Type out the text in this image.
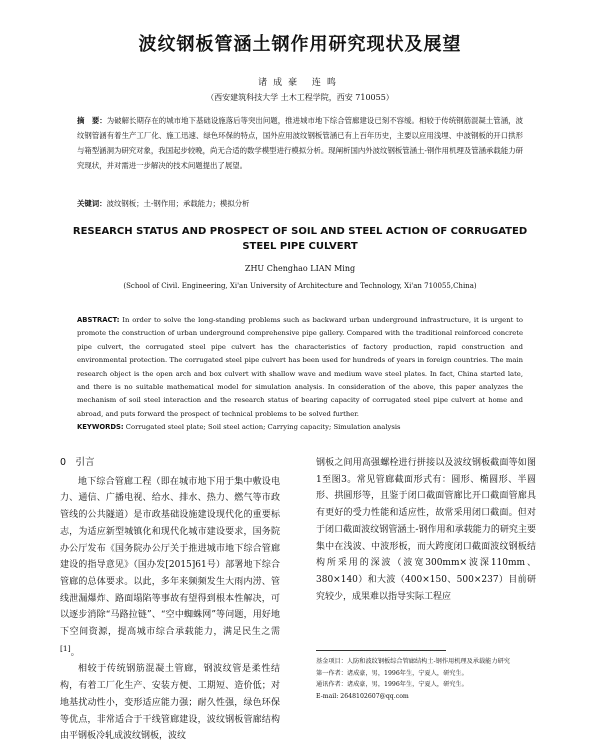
波纹钢板管涵土钢作用研究现状及展望
诸成豪 连鸣
（西安建筑科技大学 土木工程学院，西安 710055）
摘　要：为破解长期存在的城市地下基础设施落后等突出问题，推进城市地下综合管廊建设已刻不容缓。相较于传统钢筋混凝土管涵，波纹钢管涵有着生产工厂化、施工迅速、绿色环保的特点，国外应用波纹钢板管涵已有上百年历史，主要以应用浅埋、中波钢板的开口拱形与箱型涵洞为研究对象，我国起步较晚，尚无合适的数学模型进行模拟分析。现阐析国内外波纹钢板管涵土-钢作用机理及管涵承载能力研究现状，并对需进一步解决的技术问题提出了展望。
关键词：波纹钢板；土-钢作用；承载能力；模拟分析
RESEARCH STATUS AND PROSPECT OF SOIL AND STEEL ACTION OF CORRUGATED STEEL PIPE CULVERT
ZHU Chenghao LIAN Ming
(School of Civil. Engineering, Xi'an University of Architecture and Technology, Xi'an 710055,China)
ABSTRACT: In order to solve the long-standing problems such as backward urban underground infrastructure, it is urgent to promote the construction of urban underground comprehensive pipe gallery. Compared with the traditional reinforced concrete pipe culvert, the corrugated steel pipe culvert has the characteristics of factory production, rapid construction and environmental protection. The corrugated steel pipe culvert has been used for hundreds of years in foreign countries. The main research object is the open arch and box culvert with shallow wave and medium wave steel plates. In fact, China started late, and there is no suitable mathematical model for simulation analysis. In consideration of the above, this paper analyzes the mechanism of soil steel interaction and the research status of bearing capacity of corrugated steel pipe culvert at home and abroad, and puts forward the prospect of technical problems to be solved further.
KEYWORDS: Corrugated steel plate; Soil steel action; Carrying capacity; Simulation analysis
0　引言
地下综合管廊工程（即在城市地下用于集中敷设电力、通信、广播电视、给水、排水、热力、燃气等市政管线的公共隧道）是市政基础设施建设现代化的重要标志，为适应新型城镇化和现代化城市建设要求，国务院办公厅发布《国务院办公厅关于推进城市地下综合管廊建设的指导意见》（国办发[2015]61号）部署地下综合管廊的总体要求。以此，多年来频频发生大雨内涝、管线泄漏爆炸、路面塌陷等事故有望得到根本性解决，可以逐步消除“马路拉链”、“空中蜘蛛网”等问题，用好地下空间资源，提高城市综合承载能力，满足民生之需[1]。
相较于传统钢筋混凝土管廊，钢波纹管是柔性结构，有着工厂化生产、安装方便、工期短、造价低；对地基扰动性小，变形适应能力强；耐久性强，绿色环保等优点，非常适合于干线管廊建设，波纹钢板管廊结构由平钢板冷轧成波纹钢板，波纹
钢板之间用高强螺栓进行拼接以及波纹钢板截面等如图1至图3。常见管廊截面形式有：圆形、椭圆形、半圆形、拱圆形等，且鉴于闭口截面管廊比开口截面管廊具有更好的受力性能和适应性，故常采用闭口截面。但对于闭口截面波纹钢管涵土-钢作用和承载能力的研究主要集中在浅波、中波形板，而大跨度闭口截面波纹钢板结构所采用的深波（波宽300mm×波深110mm、380×140）和大波（400×150、500×237）目前研究较少，成果难以指导实际工程应
基金项目：人防和波纹钢板综合管廊结构土-钢作用机理及承载能力研究
第一作者：诸成豪，男，1996年生，宁夏人，研究生。
通讯作者：诸成豪，男，1996年生，宁夏人，研究生。
E-mail: 2648102607@qq.com
